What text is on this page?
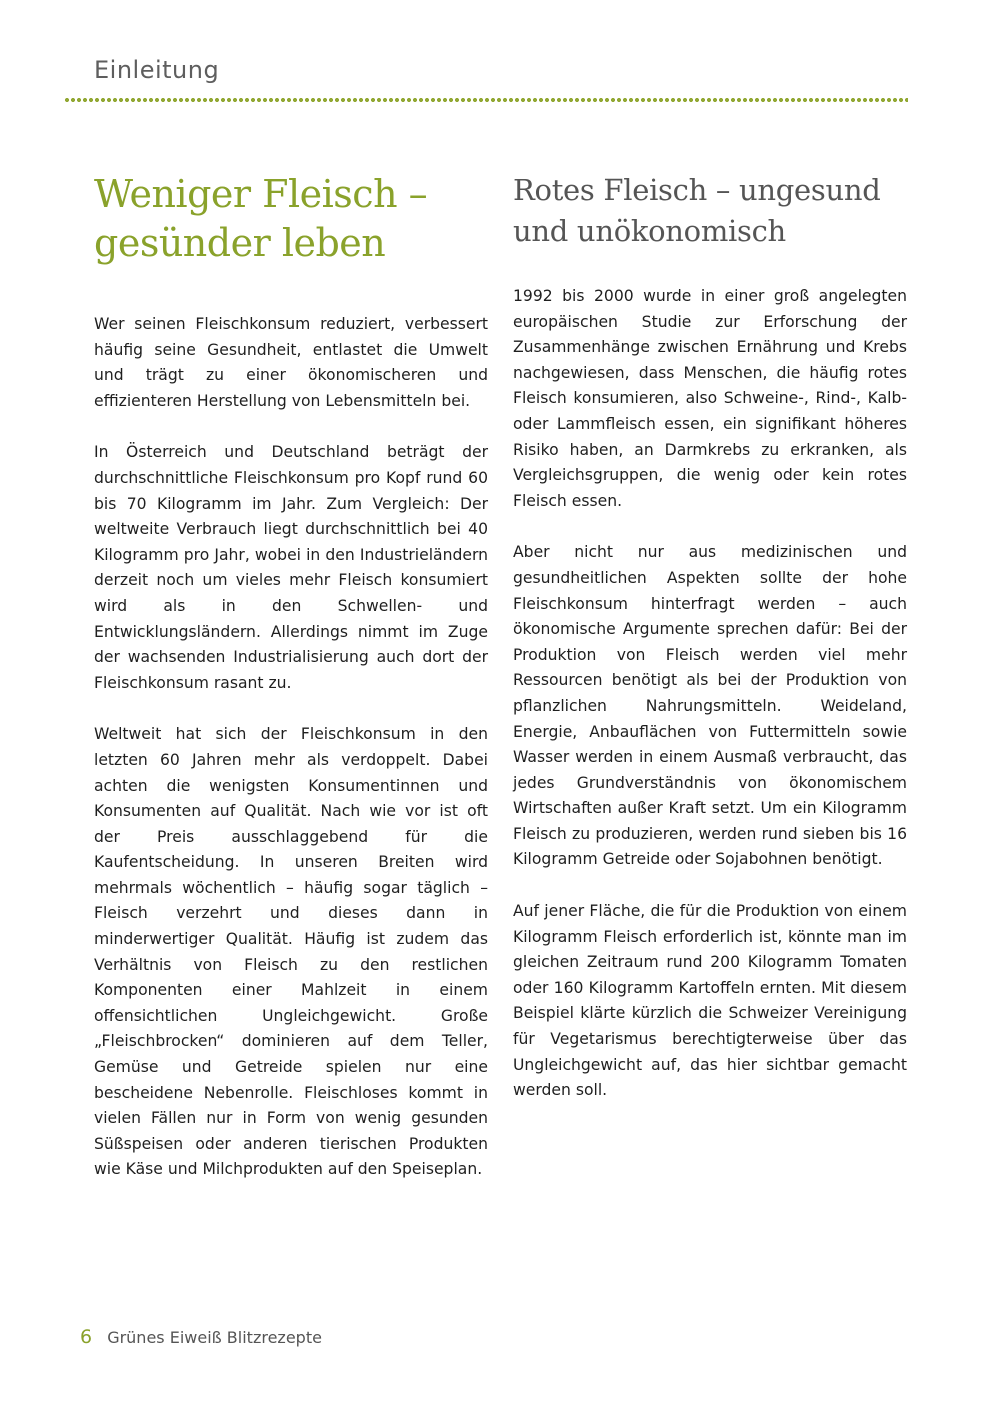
Einleitung
Weniger Fleisch – gesünder leben

Wer seinen Fleischkonsum reduziert, verbessert häufig seine Gesundheit, entlastet die Umwelt und trägt zu einer ökonomischeren und effizienteren Herstellung von Lebensmitteln bei.

In Österreich und Deutschland beträgt der durchschnittliche Fleischkonsum pro Kopf rund 60 bis 70 Kilogramm im Jahr. Zum Vergleich: Der weltweite Verbrauch liegt durchschnittlich bei 40 Kilogramm pro Jahr, wobei in den Industrieländern derzeit noch um vieles mehr Fleisch konsumiert wird als in den Schwellen- und Entwicklungsländern. Allerdings nimmt im Zuge der wachsenden Industrialisierung auch dort der Fleischkonsum rasant zu.

Weltweit hat sich der Fleischkonsum in den letzten 60 Jahren mehr als verdoppelt. Dabei achten die wenigsten Konsumentinnen und Konsumenten auf Qualität. Nach wie vor ist oft der Preis ausschlaggebend für die Kaufentscheidung. In unseren Breiten wird mehrmals wöchentlich – häufig sogar täglich – Fleisch verzehrt und dieses dann in minderwertiger Qualität. Häufig ist zudem das Verhältnis von Fleisch zu den restlichen Komponenten einer Mahlzeit in einem offensichtlichen Ungleichgewicht. Große „Fleischbrocken“ dominieren auf dem Teller, Gemüse und Getreide spielen nur eine bescheidene Nebenrolle. Fleischloses kommt in vielen Fällen nur in Form von wenig gesunden Süßspeisen oder anderen tierischen Produkten wie Käse und Milchprodukten auf den Speiseplan.

Rotes Fleisch – ungesund und unökonomisch

1992 bis 2000 wurde in einer groß angelegten europäischen Studie zur Erforschung der Zusammenhänge zwischen Ernährung und Krebs nachgewiesen, dass Menschen, die häufig rotes Fleisch konsumieren, also Schweine-, Rind-, Kalb- oder Lammfleisch essen, ein signifikant höheres Risiko haben, an Darmkrebs zu erkranken, als Vergleichsgruppen, die wenig oder kein rotes Fleisch essen.

Aber nicht nur aus medizinischen und gesundheitlichen Aspekten sollte der hohe Fleischkonsum hinterfragt werden – auch ökonomische Argumente sprechen dafür: Bei der Produktion von Fleisch werden viel mehr Ressourcen benötigt als bei der Produktion von pflanzlichen Nahrungsmitteln. Weideland, Energie, Anbauflächen von Futtermitteln sowie Wasser werden in einem Ausmaß verbraucht, das jedes Grundverständnis von ökonomischem Wirtschaften außer Kraft setzt. Um ein Kilogramm Fleisch zu produzieren, werden rund sieben bis 16 Kilogramm Getreide oder Sojabohnen benötigt.

Auf jener Fläche, die für die Produktion von einem Kilogramm Fleisch erforderlich ist, könnte man im gleichen Zeitraum rund 200 Kilogramm Tomaten oder 160 Kilogramm Kartoffeln ernten. Mit diesem Beispiel klärte kürzlich die Schweizer Vereinigung für Vegetarismus berechtigterweise über das Ungleichgewicht auf, das hier sichtbar gemacht werden soll.

6 Grünes Eiweiß Blitzrezepte
